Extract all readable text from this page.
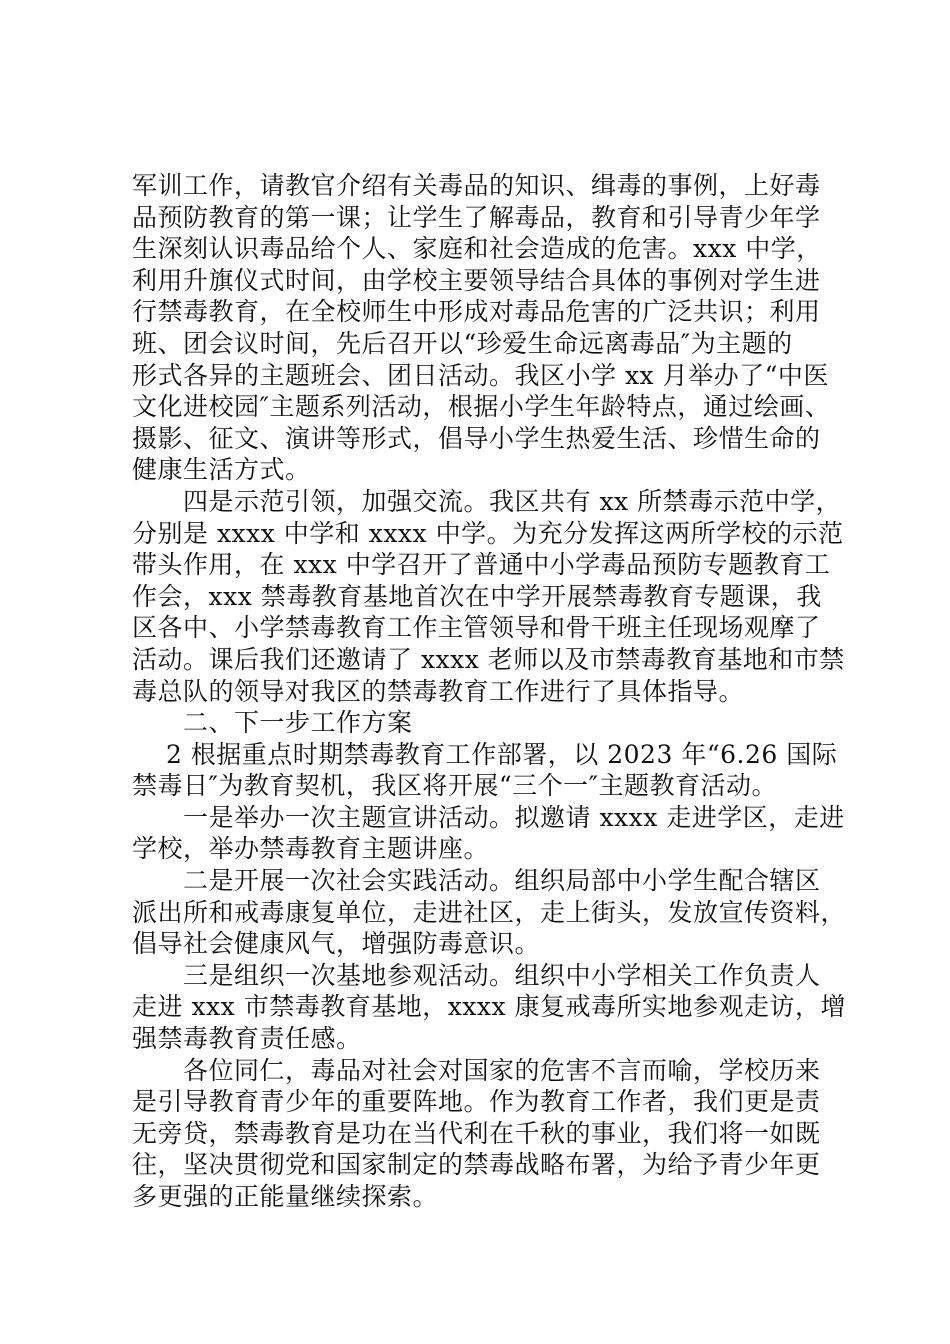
军训工作，请教官介绍有关毒品的知识、缉毒的事例，上好毒
品预防教育的第一课；让学生了解毒品，教育和引导青少年学
生深刻认识毒品给个人、家庭和社会造成的危害。xxx 中学，
利用升旗仪式时间，由学校主要领导结合具体的事例对学生进
行禁毒教育，在全校师生中形成对毒品危害的广泛共识；利用
班、团会议时间，先后召开以“珍爱生命远离毒品″为主题的
形式各异的主题班会、团日活动。我区小学 xx 月举办了“中医
文化进校园″主题系列活动，根据小学生年龄特点，通过绘画、
摄影、征文、演讲等形式，倡导小学生热爱生活、珍惜生命的
健康生活方式。
　　四是示范引领，加强交流。我区共有 xx 所禁毒示范中学，
分别是 xxxx 中学和 xxxx 中学。为充分发挥这两所学校的示范
带头作用，在 xxx 中学召开了普通中小学毒品预防专题教育工
作会，xxx 禁毒教育基地首次在中学开展禁毒教育专题课，我
区各中、小学禁毒教育工作主管领导和骨干班主任现场观摩了
活动。课后我们还邀请了 xxxx 老师以及市禁毒教育基地和市禁
毒总队的领导对我区的禁毒教育工作进行了具体指导。
　　二、下一步工作方案
　 2 根据重点时期禁毒教育工作部署，以 2023 年“6.26 国际
禁毒日″为教育契机，我区将开展“三个一″主题教育活动。
　　一是举办一次主题宣讲活动。拟邀请 xxxx 走进学区，走进
学校，举办禁毒教育主题讲座。
　　二是开展一次社会实践活动。组织局部中小学生配合辖区
派出所和戒毒康复单位，走进社区，走上街头，发放宣传资料，
倡导社会健康风气，增强防毒意识。
　　三是组织一次基地参观活动。组织中小学相关工作负责人
走进 xxx 市禁毒教育基地，xxxx 康复戒毒所实地参观走访，增
强禁毒教育责任感。
　　各位同仁，毒品对社会对国家的危害不言而喻，学校历来
是引导教育青少年的重要阵地。作为教育工作者，我们更是责
无旁贷，禁毒教育是功在当代利在千秋的事业，我们将一如既
往，坚决贯彻党和国家制定的禁毒战略布署，为给予青少年更
多更强的正能量继续探索。
